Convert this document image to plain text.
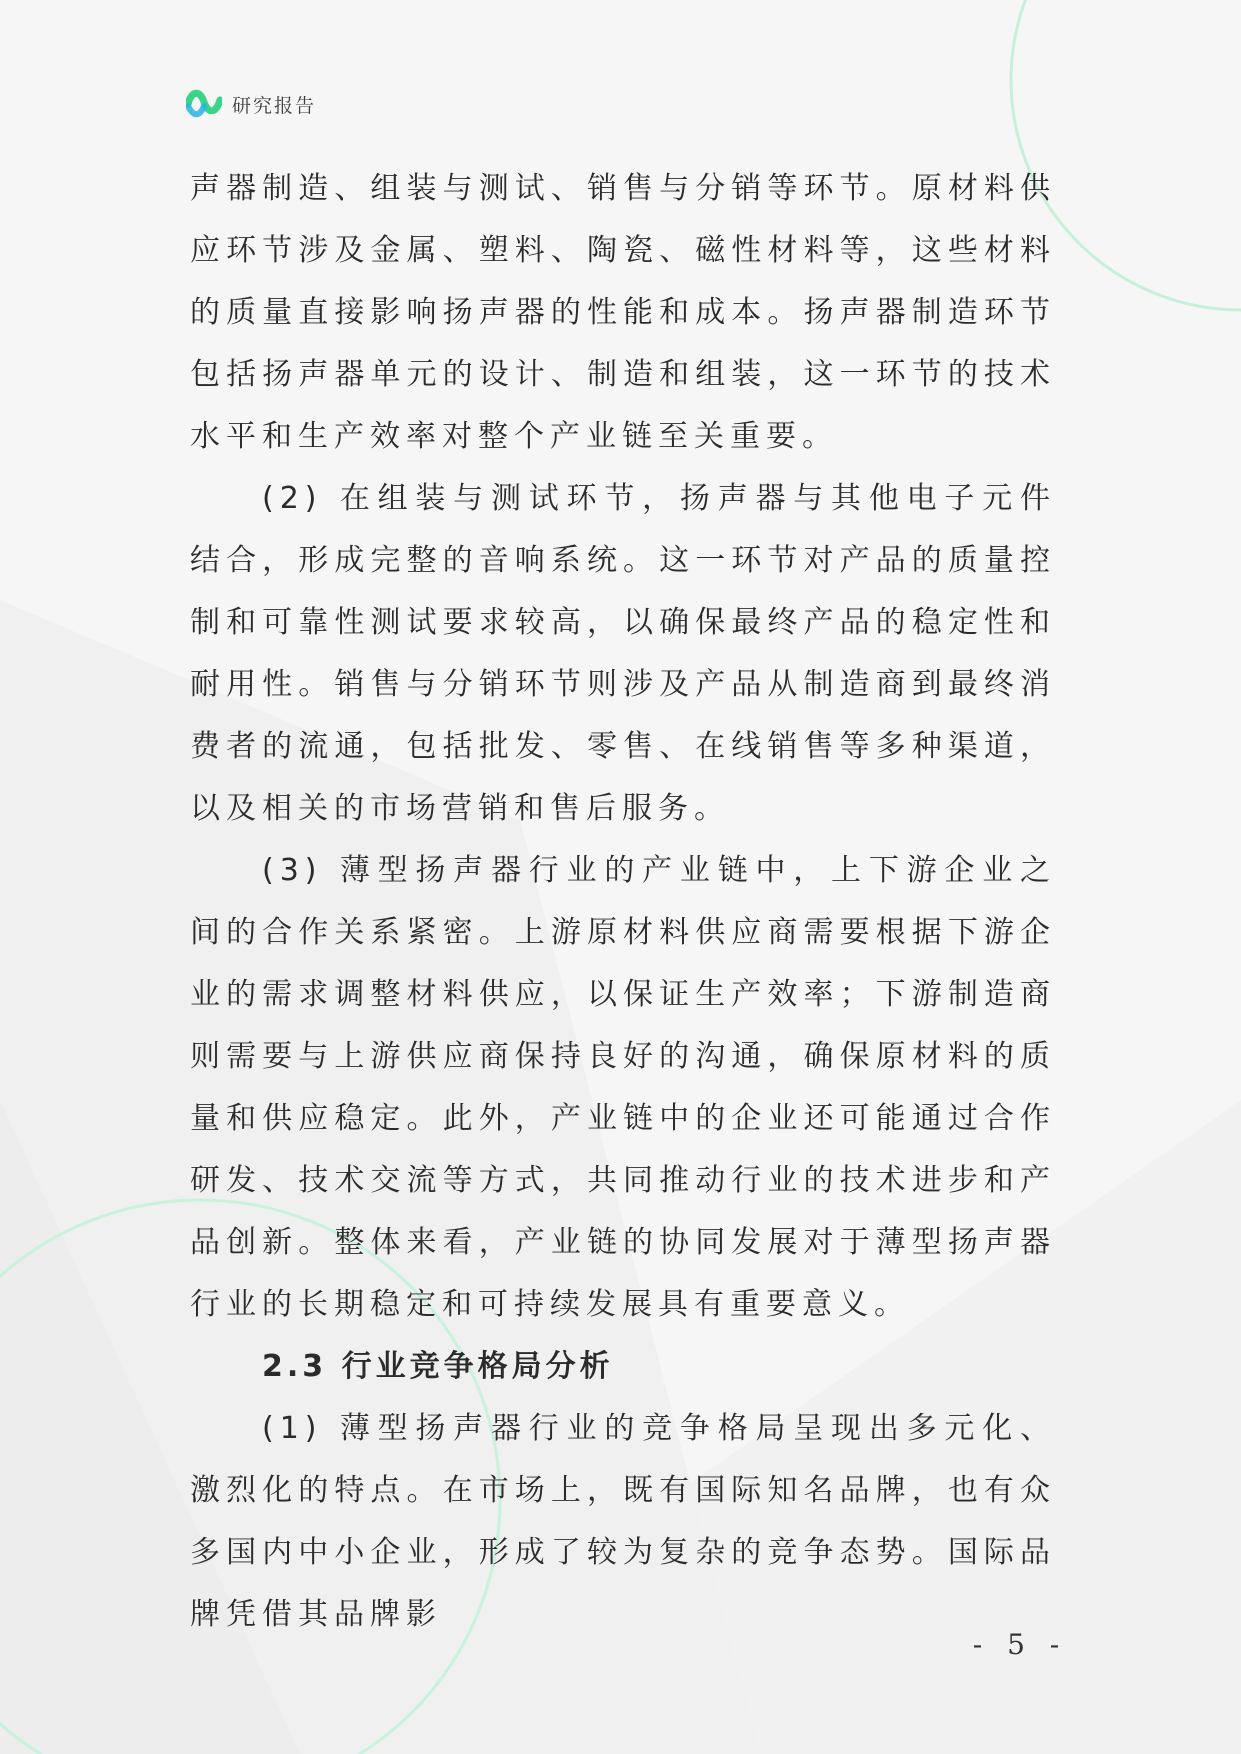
研究报告

声器制造、组装与测试、销售与分销等环节。原材料供应环节涉及金属、塑料、陶瓷、磁性材料等，这些材料的质量直接影响扬声器的性能和成本。扬声器制造环节包括扬声器单元的设计、制造和组装，这一环节的技术水平和生产效率对整个产业链至关重要。

(2) 在组装与测试环节，扬声器与其他电子元件结合，形成完整的音响系统。这一环节对产品的质量控制和可靠性测试要求较高，以确保最终产品的稳定性和耐用性。销售与分销环节则涉及产品从制造商到最终消费者的流通，包括批发、零售、在线销售等多种渠道，以及相关的市场营销和售后服务。

(3) 薄型扬声器行业的产业链中，上下游企业之间的合作关系紧密。上游原材料供应商需要根据下游企业的需求调整材料供应，以保证生产效率；下游制造商则需要与上游供应商保持良好的沟通，确保原材料的质量和供应稳定。此外，产业链中的企业还可能通过合作研发、技术交流等方式，共同推动行业的技术进步和产品创新。整体来看，产业链的协同发展对于薄型扬声器行业的长期稳定和可持续发展具有重要意义。

2.3 行业竞争格局分析

(1) 薄型扬声器行业的竞争格局呈现出多元化、激烈化的特点。在市场上，既有国际知名品牌，也有众多国内中小企业，形成了较为复杂的竞争态势。国际品牌凭借其品牌影

- 5 -
